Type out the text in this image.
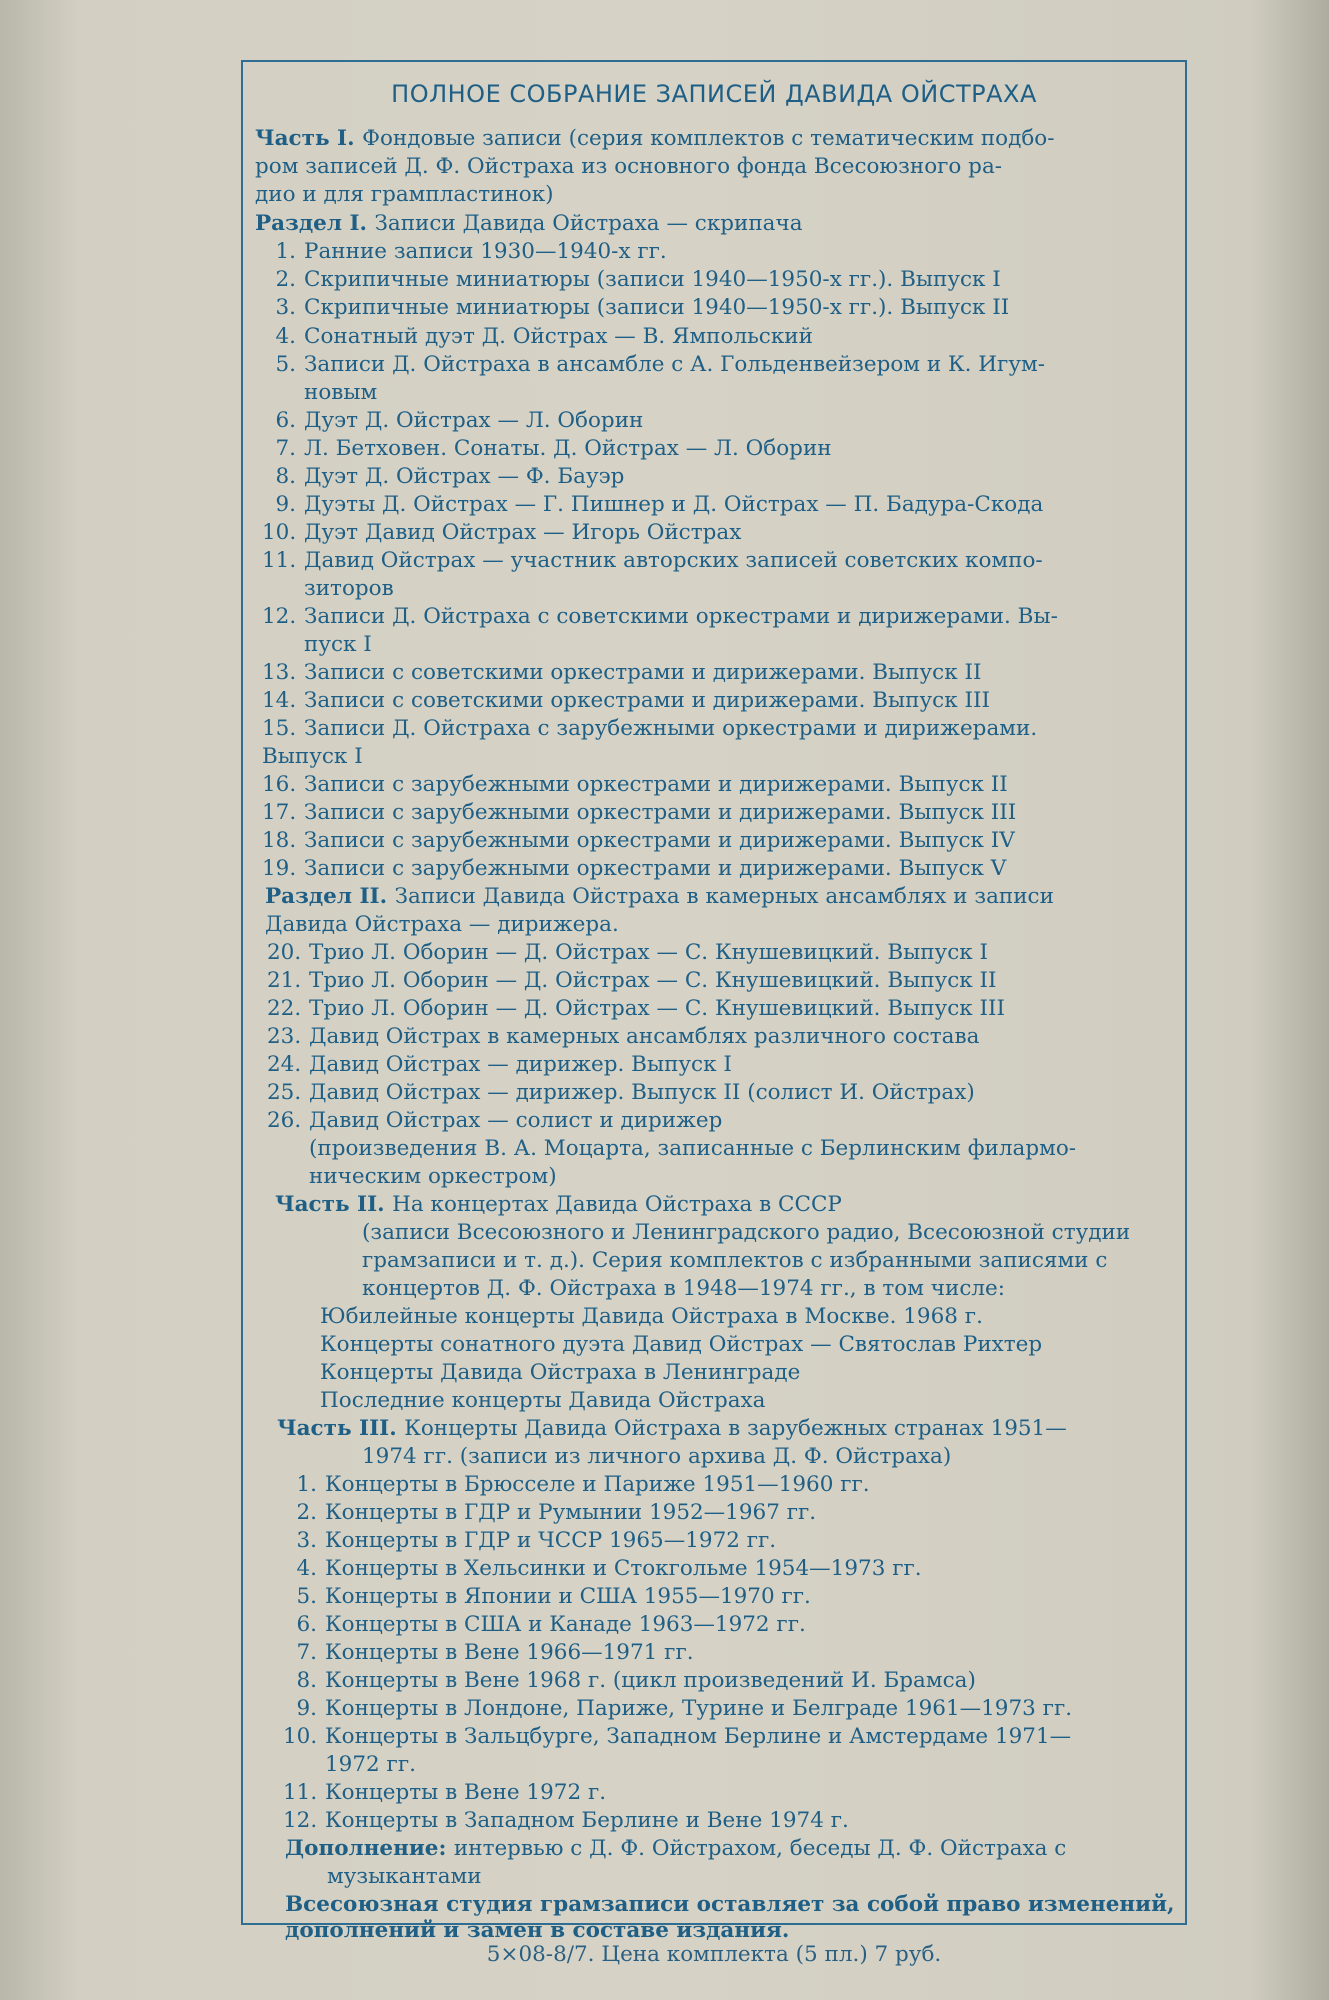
ПОЛНОЕ СОБРАНИЕ ЗАПИСЕЙ ДАВИДА ОЙСТРАХА
Часть I. Фондовые записи (серия комплектов с тематическим подбо-
ром записей Д. Ф. Ойстраха из основного фонда Всесоюзного ра-
дио и для грампластинок)
Раздел I. Записи Давида Ойстраха — скрипача
1. Ранние записи 1930—1940-х гг.
2. Скрипичные миниатюры (записи 1940—1950-х гг.). Выпуск I
3. Скрипичные миниатюры (записи 1940—1950-х гг.). Выпуск II
4. Сонатный дуэт Д. Ойстрах — В. Ямпольский
5. Записи Д. Ойстраха в ансамбле с А. Гольденвейзером и К. Игум-
новым
6. Дуэт Д. Ойстрах — Л. Оборин
7. Л. Бетховен. Сонаты. Д. Ойстрах — Л. Оборин
8. Дуэт Д. Ойстрах — Ф. Бауэр
9. Дуэты Д. Ойстрах — Г. Пишнер и Д. Ойстрах — П. Бадура-Скода
10. Дуэт Давид Ойстрах — Игорь Ойстрах
11. Давид Ойстрах — участник авторских записей советских компо-
зиторов
12. Записи Д. Ойстраха с советскими оркестрами и дирижерами. Вы-
пуск I
13. Записи с советскими оркестрами и дирижерами. Выпуск II
14. Записи с советскими оркестрами и дирижерами. Выпуск III
15. Записи Д. Ойстраха с зарубежными оркестрами и дирижерами.
Выпуск I
16. Записи с зарубежными оркестрами и дирижерами. Выпуск II
17. Записи с зарубежными оркестрами и дирижерами. Выпуск III
18. Записи с зарубежными оркестрами и дирижерами. Выпуск IV
19. Записи с зарубежными оркестрами и дирижерами. Выпуск V
Раздел II. Записи Давида Ойстраха в камерных ансамблях и записи
Давида Ойстраха — дирижера.
20. Трио Л. Оборин — Д. Ойстрах — С. Кнушевицкий. Выпуск I
21. Трио Л. Оборин — Д. Ойстрах — С. Кнушевицкий. Выпуск II
22. Трио Л. Оборин — Д. Ойстрах — С. Кнушевицкий. Выпуск III
23. Давид Ойстрах в камерных ансамблях различного состава
24. Давид Ойстрах — дирижер. Выпуск I
25. Давид Ойстрах — дирижер. Выпуск II (солист И. Ойстрах)
26. Давид Ойстрах — солист и дирижер
(произведения В. А. Моцарта, записанные с Берлинским филармо-
ническим оркестром)
Часть II. На концертах Давида Ойстраха в СССР
(записи Всесоюзного и Ленинградского радио, Всесоюзной студии
грамзаписи и т. д.). Серия комплектов с избранными записями с
концертов Д. Ф. Ойстраха в 1948—1974 гг., в том числе:
Юбилейные концерты Давида Ойстраха в Москве. 1968 г.
Концерты сонатного дуэта Давид Ойстрах — Святослав Рихтер
Концерты Давида Ойстраха в Ленинграде
Последние концерты Давида Ойстраха
Часть III. Концерты Давида Ойстраха в зарубежных странах 1951—
1974 гг. (записи из личного архива Д. Ф. Ойстраха)
1. Концерты в Брюсселе и Париже 1951—1960 гг.
2. Концерты в ГДР и Румынии 1952—1967 гг.
3. Концерты в ГДР и ЧССР 1965—1972 гг.
4. Концерты в Хельсинки и Стокгольме 1954—1973 гг.
5. Концерты в Японии и США 1955—1970 гг.
6. Концерты в США и Канаде 1963—1972 гг.
7. Концерты в Вене 1966—1971 гг.
8. Концерты в Вене 1968 г. (цикл произведений И. Брамса)
9. Концерты в Лондоне, Париже, Турине и Белграде 1961—1973 гг.
10. Концерты в Зальцбурге, Западном Берлине и Амстердаме 1971—
1972 гг.
11. Концерты в Вене 1972 г.
12. Концерты в Западном Берлине и Вене 1974 г.
Дополнение: интервью с Д. Ф. Ойстрахом, беседы Д. Ф. Ойстраха с
музыкантами
Всесоюзная студия грамзаписи оставляет за собой право изменений,
дополнений и замен в составе издания.
5×08-8/7. Цена комплекта (5 пл.) 7 руб.
